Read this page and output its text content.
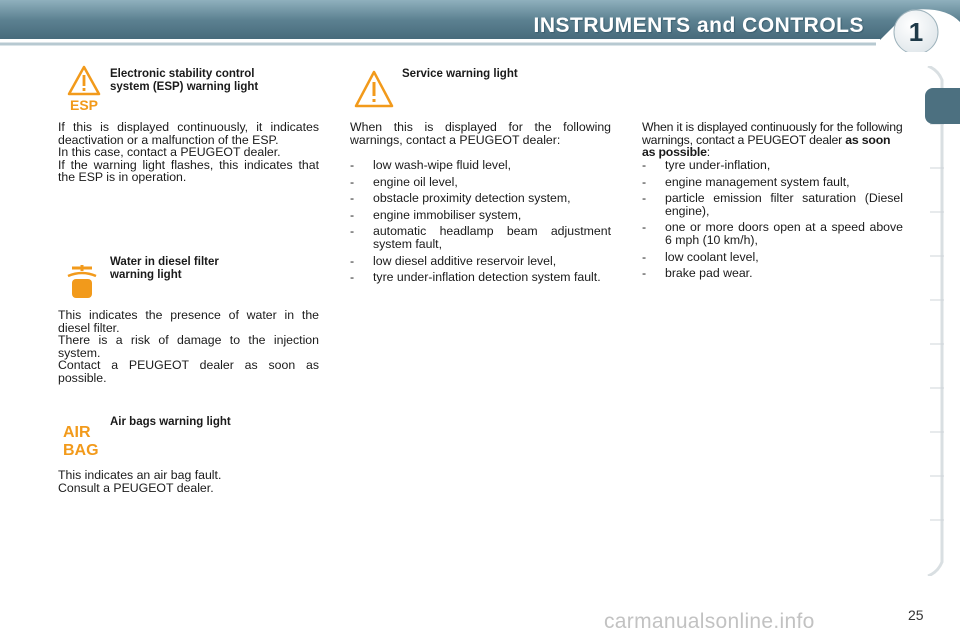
INSTRUMENTS and CONTROLS	1
ESP
Electronic stability control
system (ESP) warning light
If this is displayed continuously, it indicates deactivation or a malfunction of the ESP.
In this case, contact a PEUGEOT dealer.
If the warning light flashes, this indicates that the ESP is in operation.
Water in diesel filter
warning light
This indicates the presence of water in the diesel filter.
There is a risk of damage to the injection system.
Contact a PEUGEOT dealer as soon as possible.
AIR
BAG
Air bags warning light
This indicates an air bag fault.
Consult a PEUGEOT dealer.
Service warning light
When this is displayed for the following warnings, contact a PEUGEOT dealer:
- low wash-wipe fluid level,
- engine oil level,
- obstacle proximity detection system,
- engine immobiliser system,
- automatic headlamp beam adjustment system fault,
- low diesel additive reservoir level,
- tyre under-inflation detection system fault.
When it is displayed continuously for the following warnings, contact a PEUGEOT dealer as soon as possible:
- tyre under-inflation,
- engine management system fault,
- particle emission filter saturation (Diesel engine),
- one or more doors open at a speed above 6 mph (10 km/h),
- low coolant level,
- brake pad wear.
carmanualsonline.info	25
